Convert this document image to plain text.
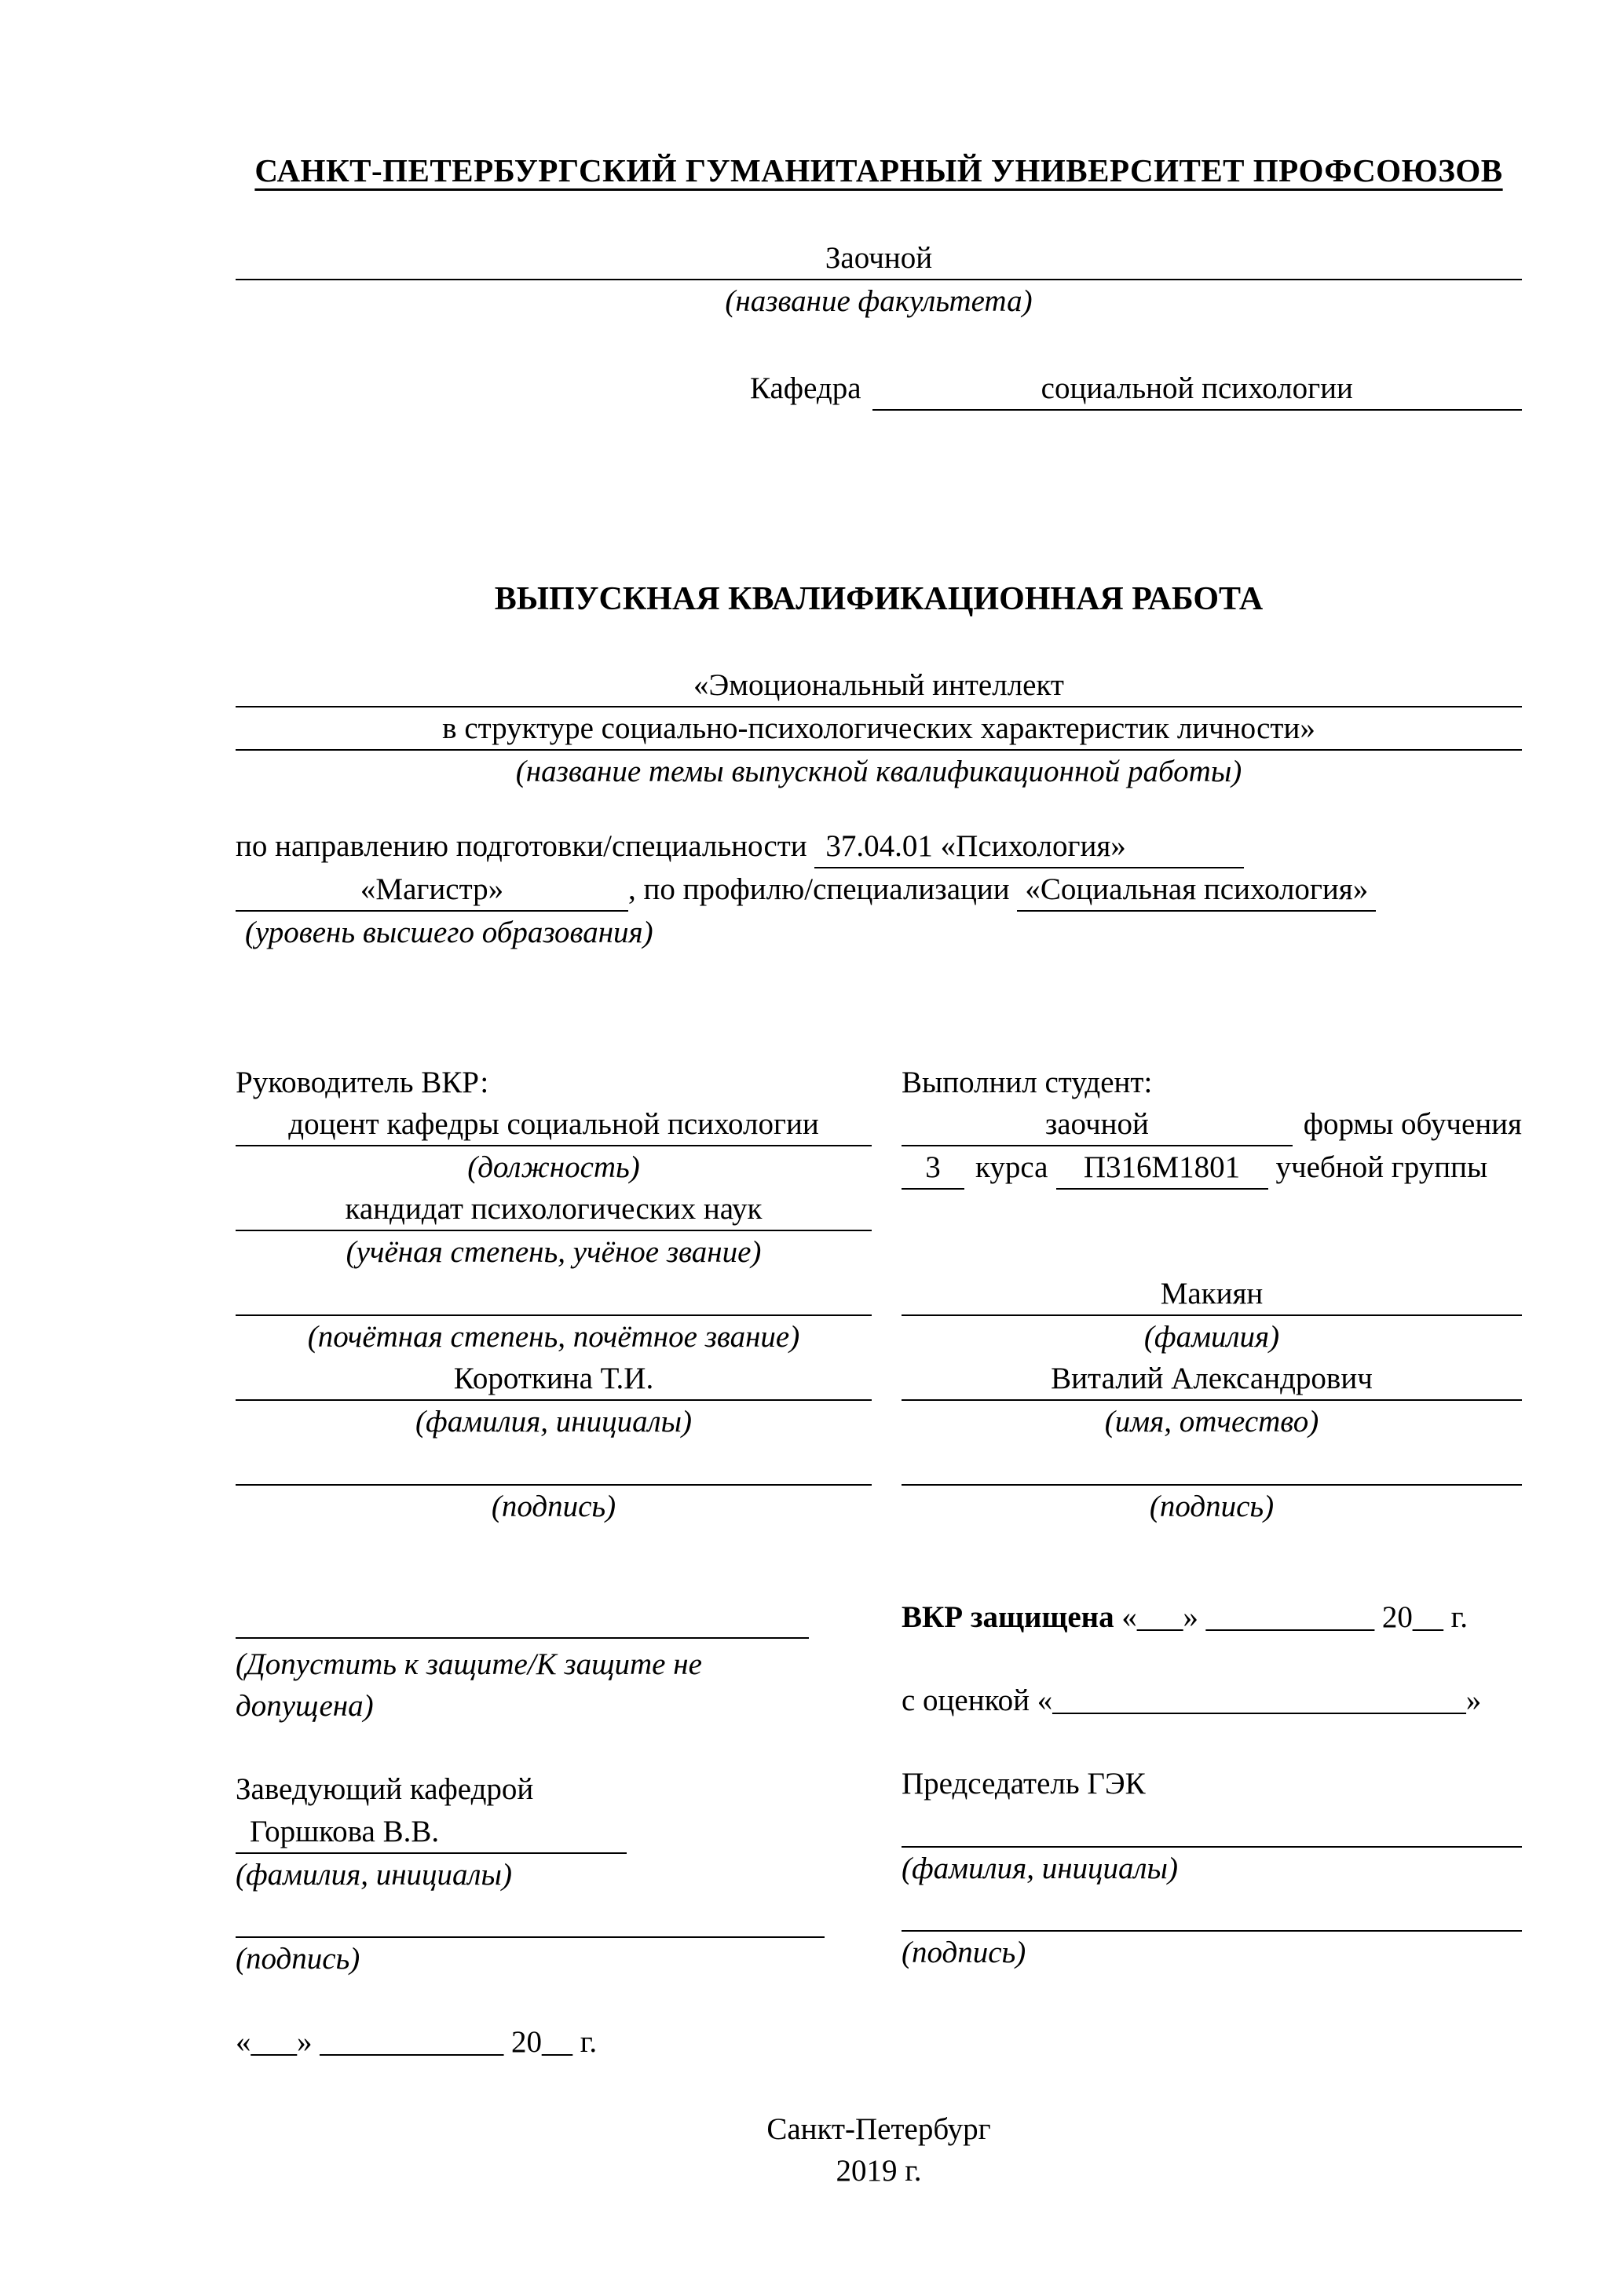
САНКТ-ПЕТЕРБУРГСКИЙ ГУМАНИТАРНЫЙ УНИВЕРСИТЕТ ПРОФСОЮЗОВ
Заочной
(название факультета)
Кафедра	социальной психологии
ВЫПУСКНАЯ КВАЛИФИКАЦИОННАЯ РАБОТА
«Эмоциональный интеллект
в структуре социально-психологических характеристик личности»
(название темы выпускной квалификационной работы)
по направлению подготовки/специальности 37.04.01 «Психология»
«Магистр»	, по профилю/специализации «Социальная психология»
(уровень высшего образования)
Руководитель ВКР:
доцент кафедры социальной психологии
(должность)
кандидат психологических наук
(учёная степень, учёное звание)
(почётная степень, почётное звание)
Короткина Т.И.
(фамилия, инициалы)
(подпись)
Выполнил студент:
заочной	формы обучения
3	курса	П316М1801	учебной группы
Макиян
(фамилия)
Виталий Александрович
(имя, отчество)
(подпись)
(Допустить к защите/К защите не допущена)
Заведующий кафедрой
Горшкова В.В.
(фамилия, инициалы)
(подпись)
«___» ____________ 20__ г.
ВКР защищена «___» ___________ 20__ г.
с оценкой «___________________________»
Председатель ГЭК
(фамилия, инициалы)
(подпись)
Санкт-Петербург
2019 г.
